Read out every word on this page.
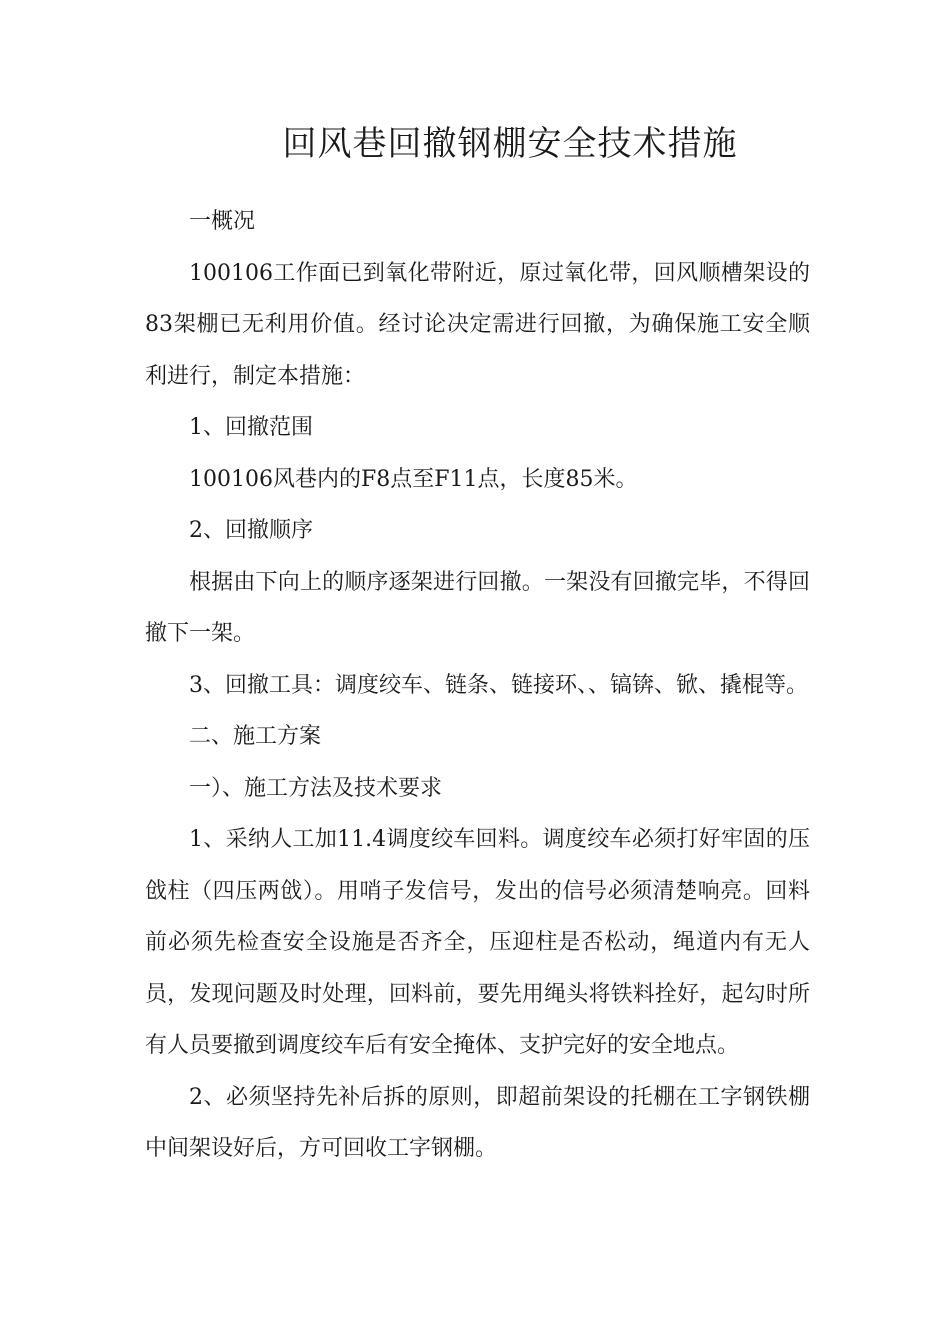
回风巷回撤钢棚安全技术措施

一概况

100106工作面已到氧化带附近，原过氧化带，回风顺槽架设的83架棚已无利用价值。经讨论决定需进行回撤，为确保施工安全顺利进行，制定本措施：

1、回撤范围

100106风巷内的F8点至F11点，长度85米。

2、回撤顺序

根据由下向上的顺序逐架进行回撤。一架没有回撤完毕，不得回撤下一架。

3、回撤工具：调度绞车、链条、链接环、、镐锛、锨、撬棍等。

二、施工方案

一）、施工方法及技术要求

1、采纳人工加11.4调度绞车回料。调度绞车必须打好牢固的压戗柱（四压两戗）。用哨子发信号，发出的信号必须清楚响亮。回料前必须先检查安全设施是否齐全，压迎柱是否松动，绳道内有无人员，发现问题及时处理，回料前，要先用绳头将铁料拴好，起勾时所有人员要撤到调度绞车后有安全掩体、支护完好的安全地点。

2、必须坚持先补后拆的原则，即超前架设的托棚在工字钢铁棚中间架设好后，方可回收工字钢棚。
